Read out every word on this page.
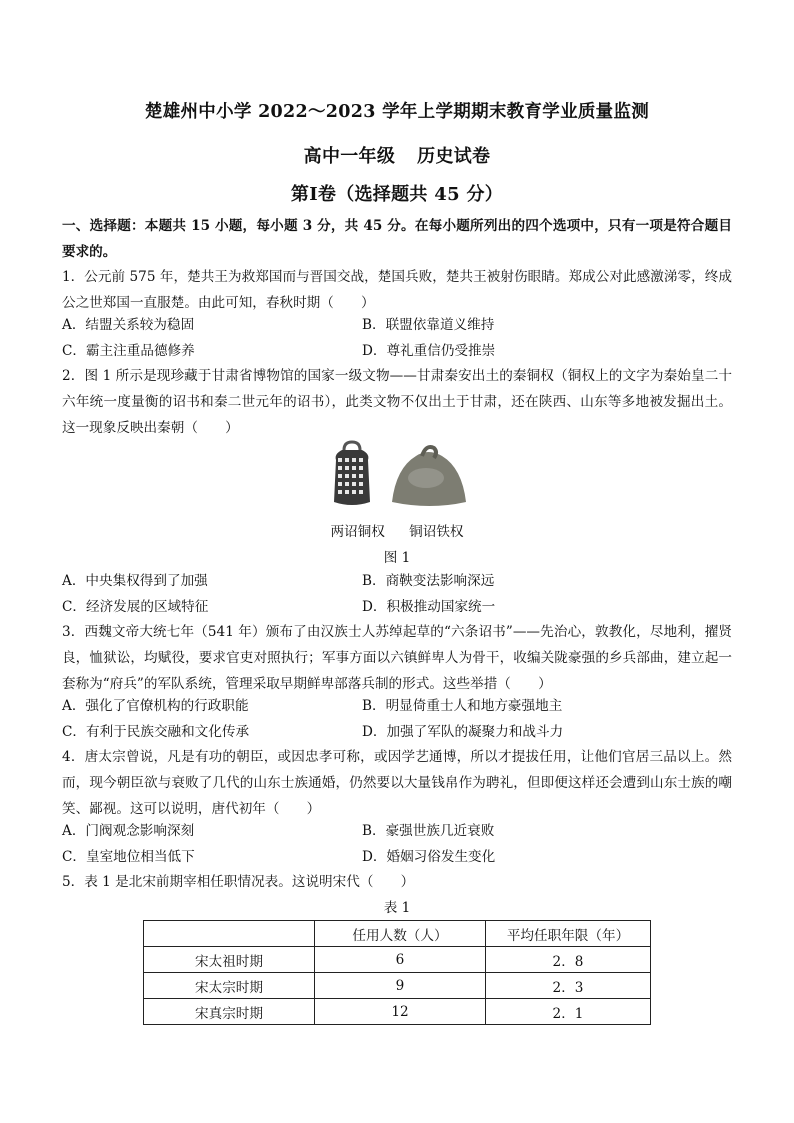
楚雄州中小学 2022～2023 学年上学期期末教育学业质量监测
高中一年级 历史试卷
第Ⅰ卷（选择题共 45 分）
一、选择题：本题共 15 小题，每小题 3 分，共 45 分。在每小题所列出的四个选项中，只有一项是符合题目要求的。
1．公元前 575 年，楚共王为救郑国而与晋国交战，楚国兵败，楚共王被射伤眼睛。郑成公对此感激涕零，终成公之世郑国一直服楚。由此可知，春秋时期（　　）
A．结盟关系较为稳固	B．联盟依靠道义维持
C．霸主注重品德修养	D．尊礼重信仍受推崇
2．图 1 所示是现珍藏于甘肃省博物馆的国家一级文物——甘肃秦安出土的秦铜权（铜权上的文字为秦始皇二十六年统一度量衡的诏书和秦二世元年的诏书），此类文物不仅出土于甘肃，还在陕西、山东等多地被发掘出土。这一现象反映出秦朝（　　）
两诏铜权 铜诏铁权
图 1
A．中央集权得到了加强	B．商鞅变法影响深远
C．经济发展的区域特征	D．积极推动国家统一
3．西魏文帝大统七年（541 年）颁布了由汉族士人苏绰起草的“六条诏书”——先治心，敦教化，尽地利，擢贤良，恤狱讼，均赋役，要求官吏对照执行；军事方面以六镇鲜卑人为骨干，收编关陇豪强的乡兵部曲，建立起一套称为“府兵”的军队系统，管理采取早期鲜卑部落兵制的形式。这些举措（　　）
A．强化了官僚机构的行政职能	B．明显倚重士人和地方豪强地主
C．有利于民族交融和文化传承	D．加强了军队的凝聚力和战斗力
4．唐太宗曾说，凡是有功的朝臣，或因忠孝可称，或因学艺通博，所以才提拔任用，让他们官居三品以上。然而，现今朝臣欲与衰败了几代的山东士族通婚，仍然要以大量钱帛作为聘礼，但即便这样还会遭到山东士族的嘲笑、鄙视。这可以说明，唐代初年（　　）
A．门阀观念影响深刻	B．豪强世族几近衰败
C．皇室地位相当低下	D．婚姻习俗发生变化
5．表 1 是北宋前期宰相任职情况表。这说明宋代（　　）
表 1
	任用人数（人）	平均任职年限（年）
宋太祖时期	6	2．8
宋太宗时期	9	2．3
宋真宗时期	12	2．1
